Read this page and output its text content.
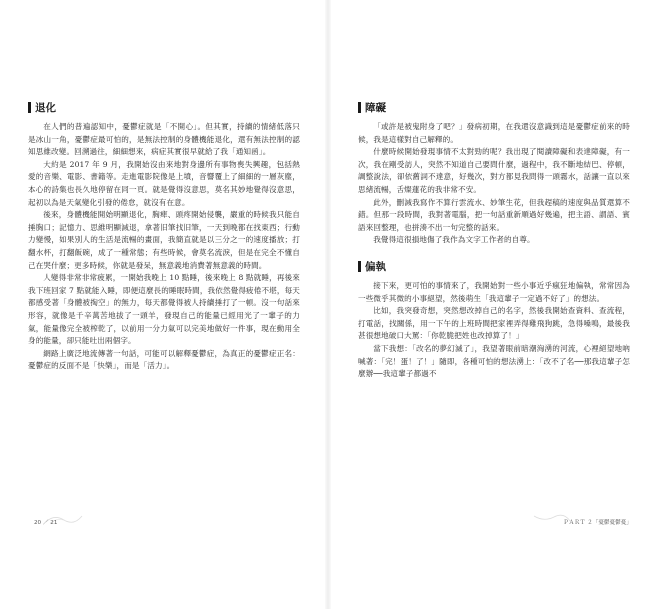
退化

在人們的普遍認知中，憂鬱症就是「不開心」。但其實，持續的情緒低落只是冰山一角，憂鬱症最可怕的，是無法控制的身體機能退化，還有無法控制的認知思維改變。回溯過往，細細想來，病症其實很早就給了我「通知函」。

大約是 2017 年 9 月，我開始沒由來地對身邊所有事物喪失興趣，包括熱愛的音樂、電影、書籍等。走進電影院像是上墳，音響覆上了細細的一層灰塵，本心的詩集也長久地停留在同一頁。就是覺得沒意思，莫名其妙地覺得沒意思，起初以為是天氣變化引發的倦怠，就沒有在意。

後來，身體機能開始明顯退化，胸痺、頭疼開始侵襲，嚴重的時候我只能自捶胸口；記憶力、思維明顯減退，拿著旧筆找旧筆，一天到晚都在找東西；行動力變慢，如果別人的生活是流暢的畫面，我簡直就是以三分之一的速度播放；打翻水杯，打翻飯碗，成了一種常態；有些時候，會莫名流淚，但是在完全不懂自己在哭什麼；更多時候，你就是發呆，無意義地消費著無意義的時間。

人變得非常非常疲累，一開始我晚上 10 點睡，後來晚上 8 點就睡，再後來我下班回家 7 點就能入睡，即便這麼長的睡眠時間，我依然覺得疲倦不堪，每天都感受著「身體被掏空」的無力，每天都覺得被人持續捶打了一頓。沒一句話來形容，就像是千辛萬苦地拔了一頭羊，發現自己的能量已經用光了一輩子的力氣，能量像完全被榨乾了，以前用一分力氣可以完美地做好一件事，現在動用全身的能量，卻只能吐出兩個字。

網路上廣泛地流傳著一句話，可能可以解釋憂鬱症，為真正的憂鬱症正名：憂鬱症的反面不是「快樂」，而是「活力」。

障礙

「或許是被鬼附身了吧？」發病初期，在我還沒意識到這是憂鬱症前來的時候，我是這樣對自己解釋的。

什麼時候開始發現事情不太對勁的呢？我出現了閱讀障礙和表達障礙，有一次，我在剛受訪人，突然不知道自己要問什麼，過程中，我不斷地結巴、停頓，調整說法，卻依舊詞不達意，好幾次，對方都見我問得一頭霧水，話讓一直以來思緒流暢，舌燦蓮花的我非常不安。

此外，刪減我寫作不算行雲流水、妙筆生花，但我趕稿的速度與品質還算不錯。但那一段時間，我對著電腦，把一句話重新順過好幾遍，把主語、謂語、賓語來回整理，也拼湊不出一句完整的話來。

我覺得這很損地傷了我作為文字工作者的自尊。

偏執

接下來，更可怕的事情來了，我開始對一些小事近乎瘋狂地偏執，常常因為一些微乎其微的小事絕望，然後萌生「我這輩子一定過不好了」的想法。

比如，我突發奇想，突然想改掉自己的名字，然後我開始查資料、查流程，打電話，找關係，用一下午的上班時間把家裡弄得雞飛狗跳，急得嗓鳴，最後我甚很想地破口大罵：「你乾脆把姓也改掉算了！」

當下我想：「改名的夢幻滅了」，我望著眼前暗潮洶湧的河流，心裡絕望地吶喊著：「完！蛋！了！」隨即，各種可怕的想法湧上：「改不了名──那我這輩子怎麼辦──我這輩子都過不

20 ／ 21	ＰＡＲＴ ２「憂鬱憂鬱憂」
